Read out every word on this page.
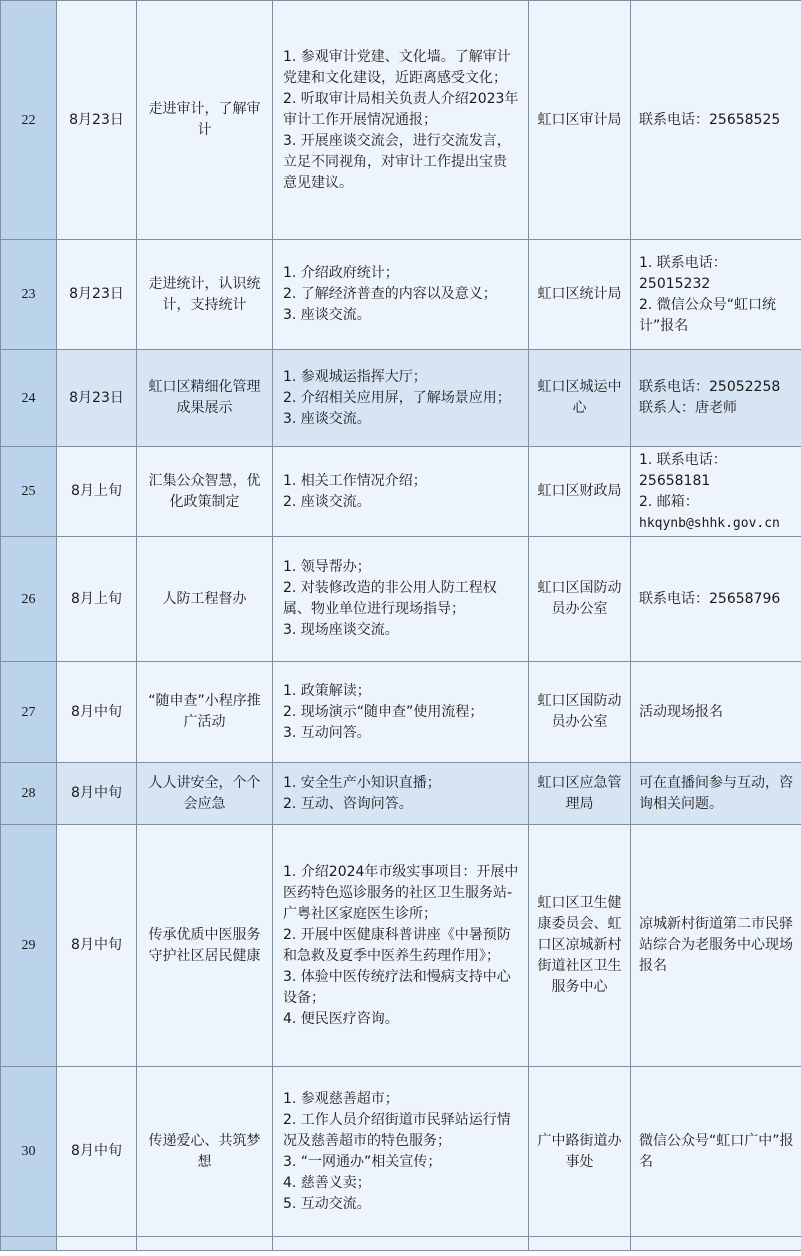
22	8月23日	走进审计，了解审计	1. 参观审计党建、文化墙。了解审计党建和文化建设，近距离感受文化；
2. 听取审计局相关负责人介绍2023年审计工作开展情况通报；
3. 开展座谈交流会，进行交流发言，立足不同视角，对审计工作提出宝贵意见建议。	虹口区审计局	联系电话：25658525

23	8月23日	走进统计，认识统计，支持统计	1. 介绍政府统计；
2. 了解经济普查的内容以及意义；
3. 座谈交流。	虹口区统计局	1. 联系电话：25015232
2. 微信公众号“虹口统计”报名

24	8月23日	虹口区精细化管理成果展示	1. 参观城运指挥大厅；
2. 介绍相关应用屏，了解场景应用；
3. 座谈交流。	虹口区城运中心	联系电话：25052258
联系人：唐老师

25	8月上旬	汇集公众智慧，优化政策制定	1. 相关工作情况介绍；
2. 座谈交流。	虹口区财政局	1. 联系电话：25658181
2. 邮箱：
hkqynb@shhk.gov.cn

26	8月上旬	人防工程督办	1. 领导帮办；
2. 对装修改造的非公用人防工程权属、物业单位进行现场指导；
3. 现场座谈交流。	虹口区国防动员办公室	联系电话：25658796

27	8月中旬	“随申查”小程序推广活动	1. 政策解读；
2. 现场演示“随申查”使用流程；
3. 互动问答。	虹口区国防动员办公室	活动现场报名

28	8月中旬	人人讲安全，个个会应急	1. 安全生产小知识直播；
2. 互动、咨询问答。	虹口区应急管理局	可在直播间参与互动，咨询相关问题。

29	8月中旬	传承优质中医服务 守护社区居民健康	1. 介绍2024年市级实事项目：开展中医药特色巡诊服务的社区卫生服务站-广粤社区家庭医生诊所；
2. 开展中医健康科普讲座《中暑预防和急救及夏季中医养生药理作用》；
3. 体验中医传统疗法和慢病支持中心设备；
4. 便民医疗咨询。	虹口区卫生健康委员会、虹口区凉城新村街道社区卫生服务中心	凉城新村街道第二市民驿站综合为老服务中心现场报名

30	8月中旬	传递爱心、共筑梦想	1. 参观慈善超市；
2. 工作人员介绍街道市民驿站运行情况及慈善超市的特色服务；
3. “一网通办”相关宣传；
4. 慈善义卖；
5. 互动交流。	广中路街道办事处	微信公众号“虹口广中”报名
